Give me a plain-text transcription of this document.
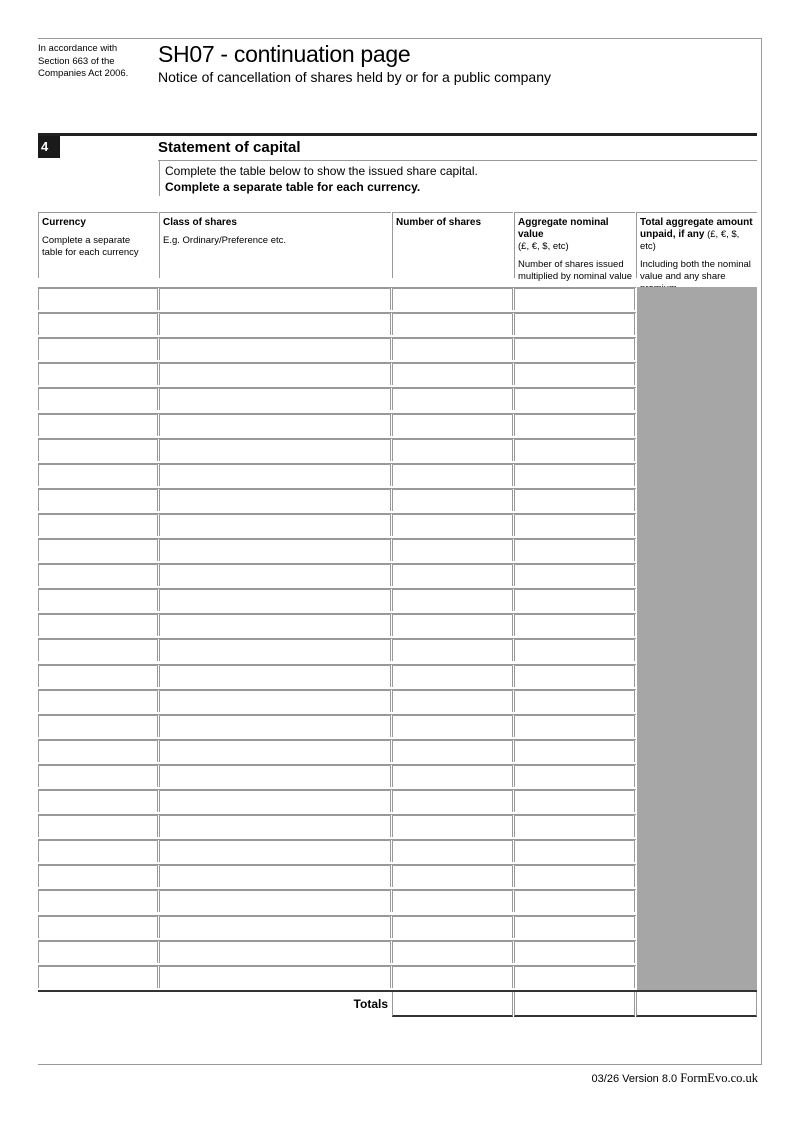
In accordance with
Section 663 of the
Companies Act 2006.
SH07 - continuation page
Notice of cancellation of shares held by or for a public company
4	Statement of capital
Complete the table below to show the issued share capital.
Complete a separate table for each currency.
Currency
Complete a separate
table for each currency
Class of shares
E.g. Ordinary/Preference etc.
Number of shares	Aggregate nominal value
(£, €, $, etc)
Number of shares issued
multiplied by nominal value
Total aggregate amount
unpaid, if any (£, €, $, etc)
Including both the nominal
value and any share
Totals
03/26 Version 8.0 FormEvo.co.uk
